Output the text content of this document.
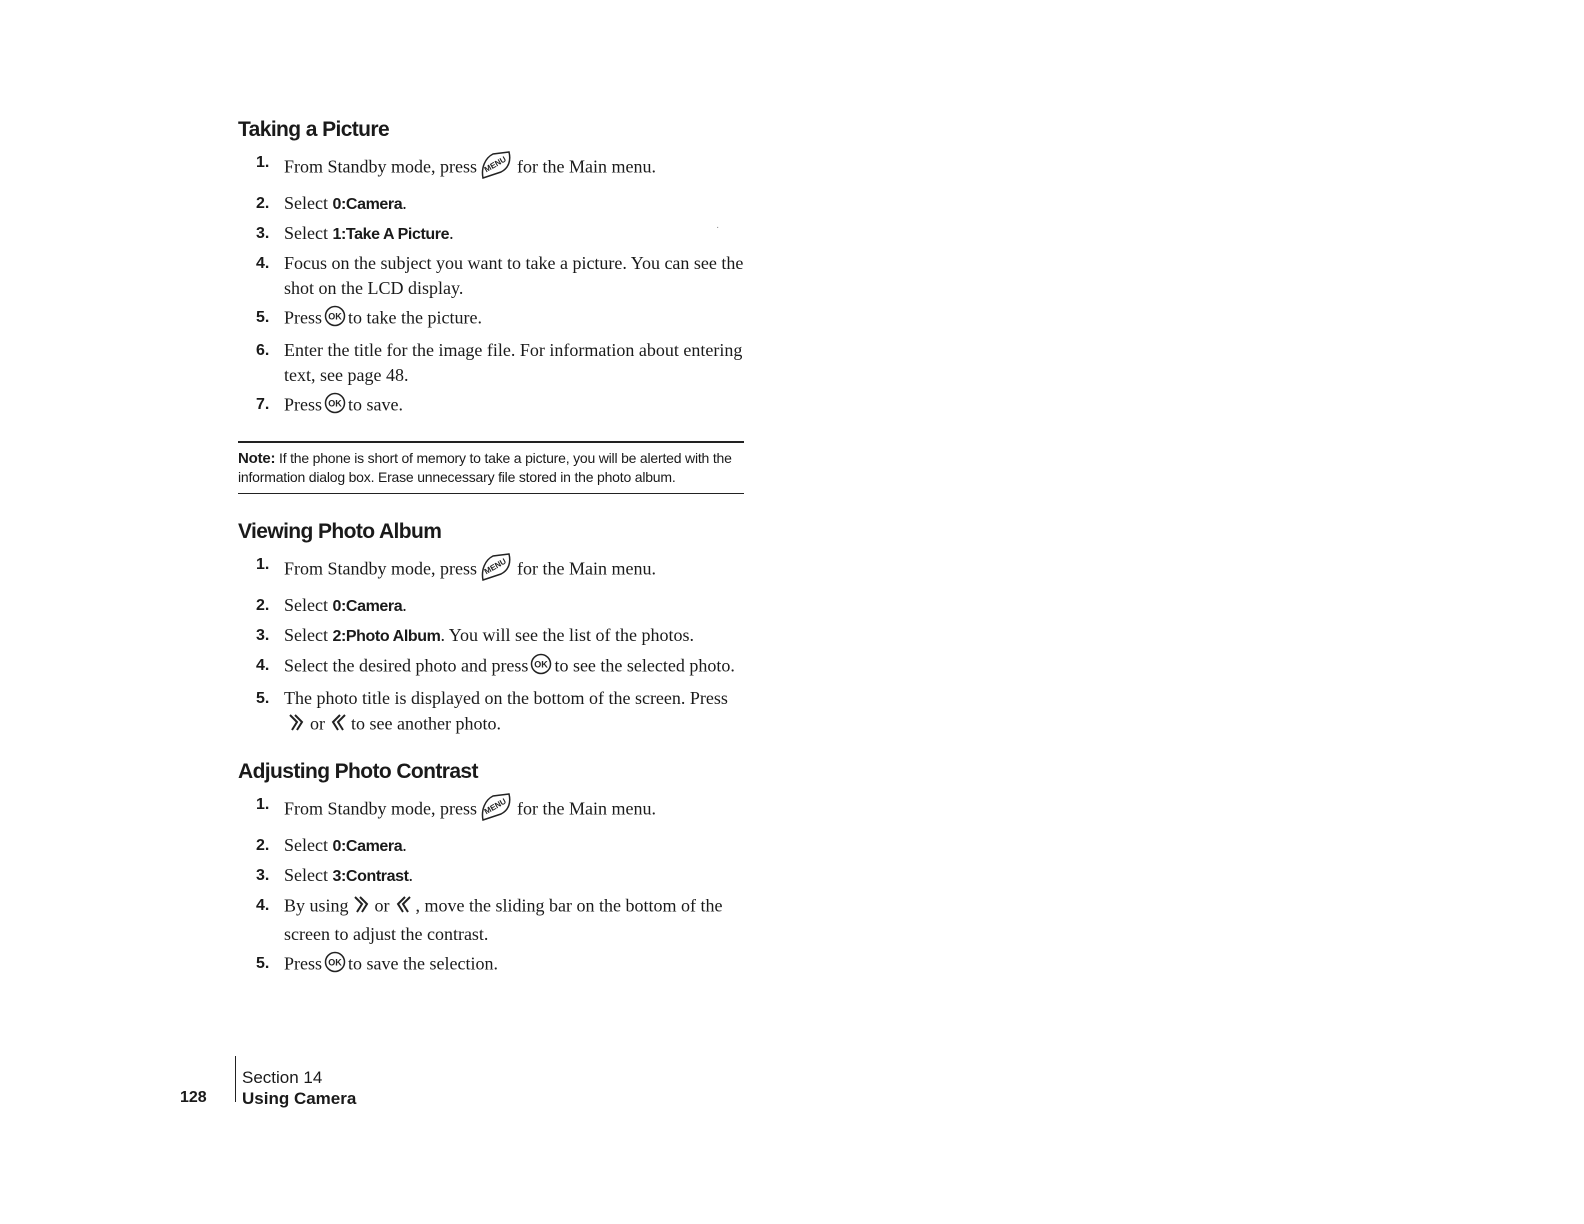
Taking a Picture
1. From Standby mode, press MENU for the Main menu.
2. Select 0:Camera.
3. Select 1:Take A Picture.
4. Focus on the subject you want to take a picture. You can see the shot on the LCD display.
5. Press OK to take the picture.
6. Enter the title for the image file. For information about entering text, see page 48.
7. Press OK to save.
Note: If the phone is short of memory to take a picture, you will be alerted with the information dialog box. Erase unnecessary file stored in the photo album.
Viewing Photo Album
1. From Standby mode, press MENU for the Main menu.
2. Select 0:Camera.
3. Select 2:Photo Album. You will see the list of the photos.
4. Select the desired photo and press OK to see the selected photo.
5. The photo title is displayed on the bottom of the screen. Pressor to see another photo.
Adjusting Photo Contrast
1. From Standby mode, press MENU for the Main menu.
2. Select 0:Camera.
3. Select 3:Contrast.
4. By using or , move the sliding bar on the bottom of the screen to adjust the contrast.
5. Press OK to save the selection.
·
128
Section 14
Using Camera
